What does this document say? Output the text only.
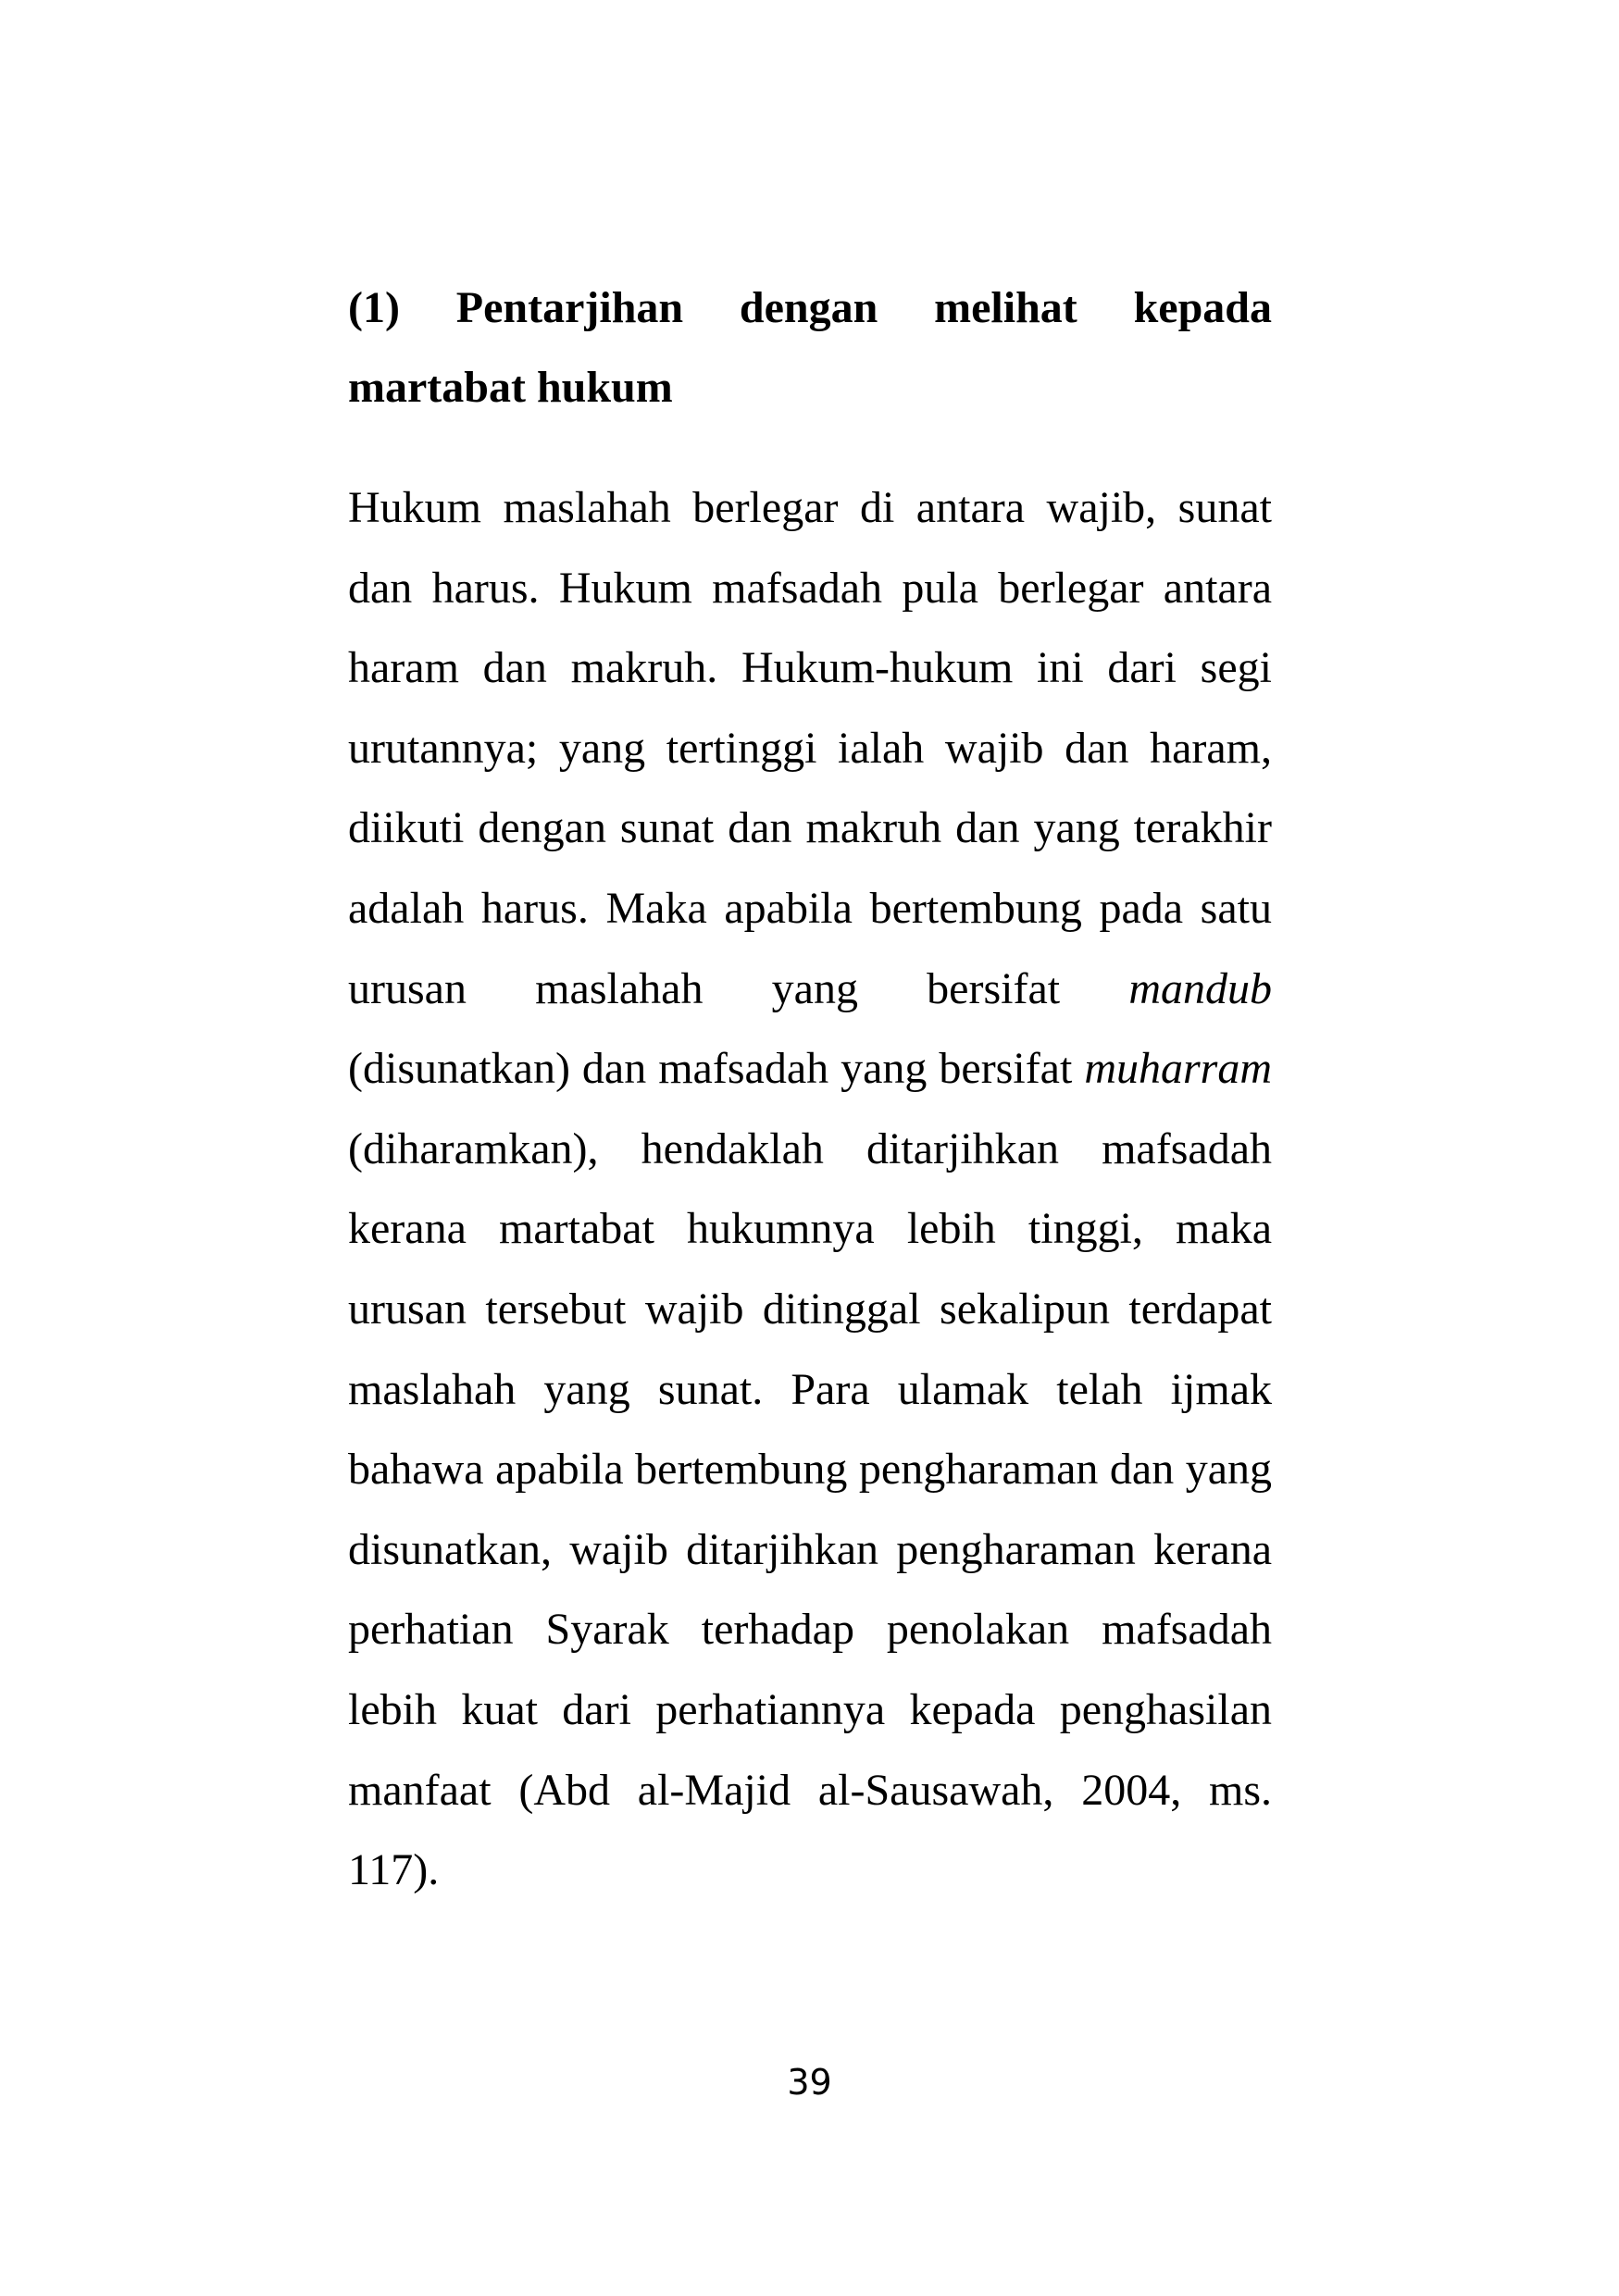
(1) Pentarjihan dengan melihat kepada
martabat hukum

Hukum maslahah berlegar di antara wajib, sunat dan harus. Hukum mafsadah pula berlegar antara haram dan makruh. Hukum-hukum ini dari segi urutannya; yang tertinggi ialah wajib dan haram, diikuti dengan sunat dan makruh dan yang terakhir adalah harus. Maka apabila bertembung pada satu urusan maslahah yang bersifat mandub (disunatkan) dan mafsadah yang bersifat muharram (diharamkan), hendaklah ditarjihkan mafsadah kerana martabat hukumnya lebih tinggi, maka urusan tersebut wajib ditinggal sekalipun terdapat maslahah yang sunat. Para ulamak telah ijmak bahawa apabila bertembung pengharaman dan yang disunatkan, wajib ditarjihkan pengharaman kerana perhatian Syarak terhadap penolakan mafsadah lebih kuat dari perhatiannya kepada penghasilan manfaat (Abd al-Majid al-Sausawah, 2004, ms. 117).

39
